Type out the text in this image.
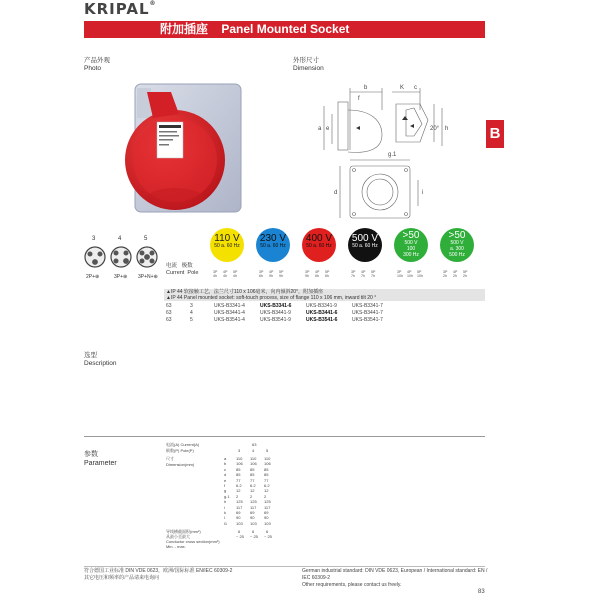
KRIPAL®
附加插座 Panel Mounted Socket
产品外观
Photo
外形尺寸
Dimension
b	K c
f
a e	20° h
g.1
d	i
B
3	4	5
2P+⊕	3P+⊕ 3P+N+⊕
电流 极数
Current Pole
110 V
50 a. 60 Hz
3P
4h
4P
4h
5P
4h
230 V
50 a. 60 Hz
3P
6h
4P
9h
5P
9h
400 V
50 a. 60 Hz
3P
9h
4P
6h
5P
6h
500 V
50 a. 60 Hz
3P
7h
4P
7h
5P
7h
>50
500 V
100
300 Hz
3P
10h
4P
10h
5P
10h
>50
500 V
a. 300
500 Hz
3P
2h
4P
2h
5P
2h
▲IP 44 软接触工艺，法兰尺寸110 x 106毫米，向内倾斜20°，附加插座
▲IP 44 Panel mounted socket: soft-touch process, size of flange 110 x 106 mm, inward tilt 20 °
63	3	UKS-B3341-4	UKS-B3341-6	UKS-B3341-9	UKS-B3341-7
63	4	UKS-B3441-4	UKS-B3441-9	UKS-B3441-6	UKS-B3441-7
63	5	UKS-B3541-4	UKS-B3541-9	UKS-B3541-6	UKS-B3541-7
选型
Description
参数
Parameter
电流(A) Current(A)	63
极数(P) Pole(P)	3	4	5
尺寸
Dimension(mm)
a 110 110 110
b 106 106 106
c	85 85 85
d 85 85 85
e 77 77 77
f	6.2 6.2 6.2
g 12 12 12
g.1 2	2	2
h 125 125 125
i	117 117 117
k	69 69 69
l	90 90 90
l1 103 103 103
导线横截面积(mm²)
从最小至最大
Conductor cross section(mm²)
Min. - max.
6	6	6
~ 25 ~ 25 ~ 25
符合德国工业标准 DIN VDE 0623，欧洲/国际标准 EN/IEC 60309-2
其它电压和频率的产品请来电询问
German industrial standard: DIN VDE 0623, European / International standard: EN / IEC 60309-2
Other requirements, please contact us freely.
83
